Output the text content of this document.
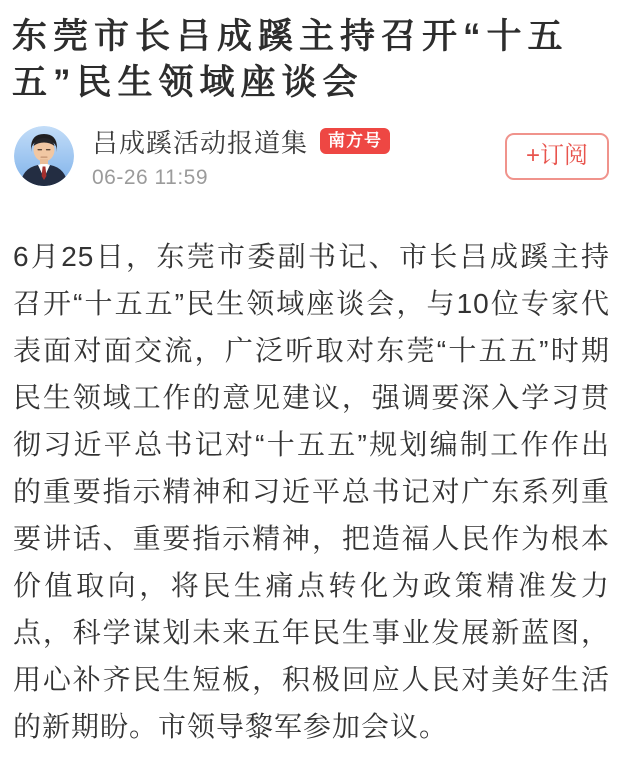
东莞市长吕成蹊主持召开“十五五”民生领域座谈会
吕成蹊活动报道集	南方号
06-26 11:59
+订阅

6月25日，东莞市委副书记、市长吕成蹊主持召开“十五五”民生领域座谈会，与10位专家代表面对面交流，广泛听取对东莞“十五五”时期民生领域工作的意见建议，强调要深入学习贯彻习近平总书记对“十五五”规划编制工作作出的重要指示精神和习近平总书记对广东系列重要讲话、重要指示精神，把造福人民作为根本价值取向，将民生痛点转化为政策精准发力点，科学谋划未来五年民生事业发展新蓝图，用心补齐民生短板，积极回应人民对美好生活的新期盼。市领导黎军参加会议。
